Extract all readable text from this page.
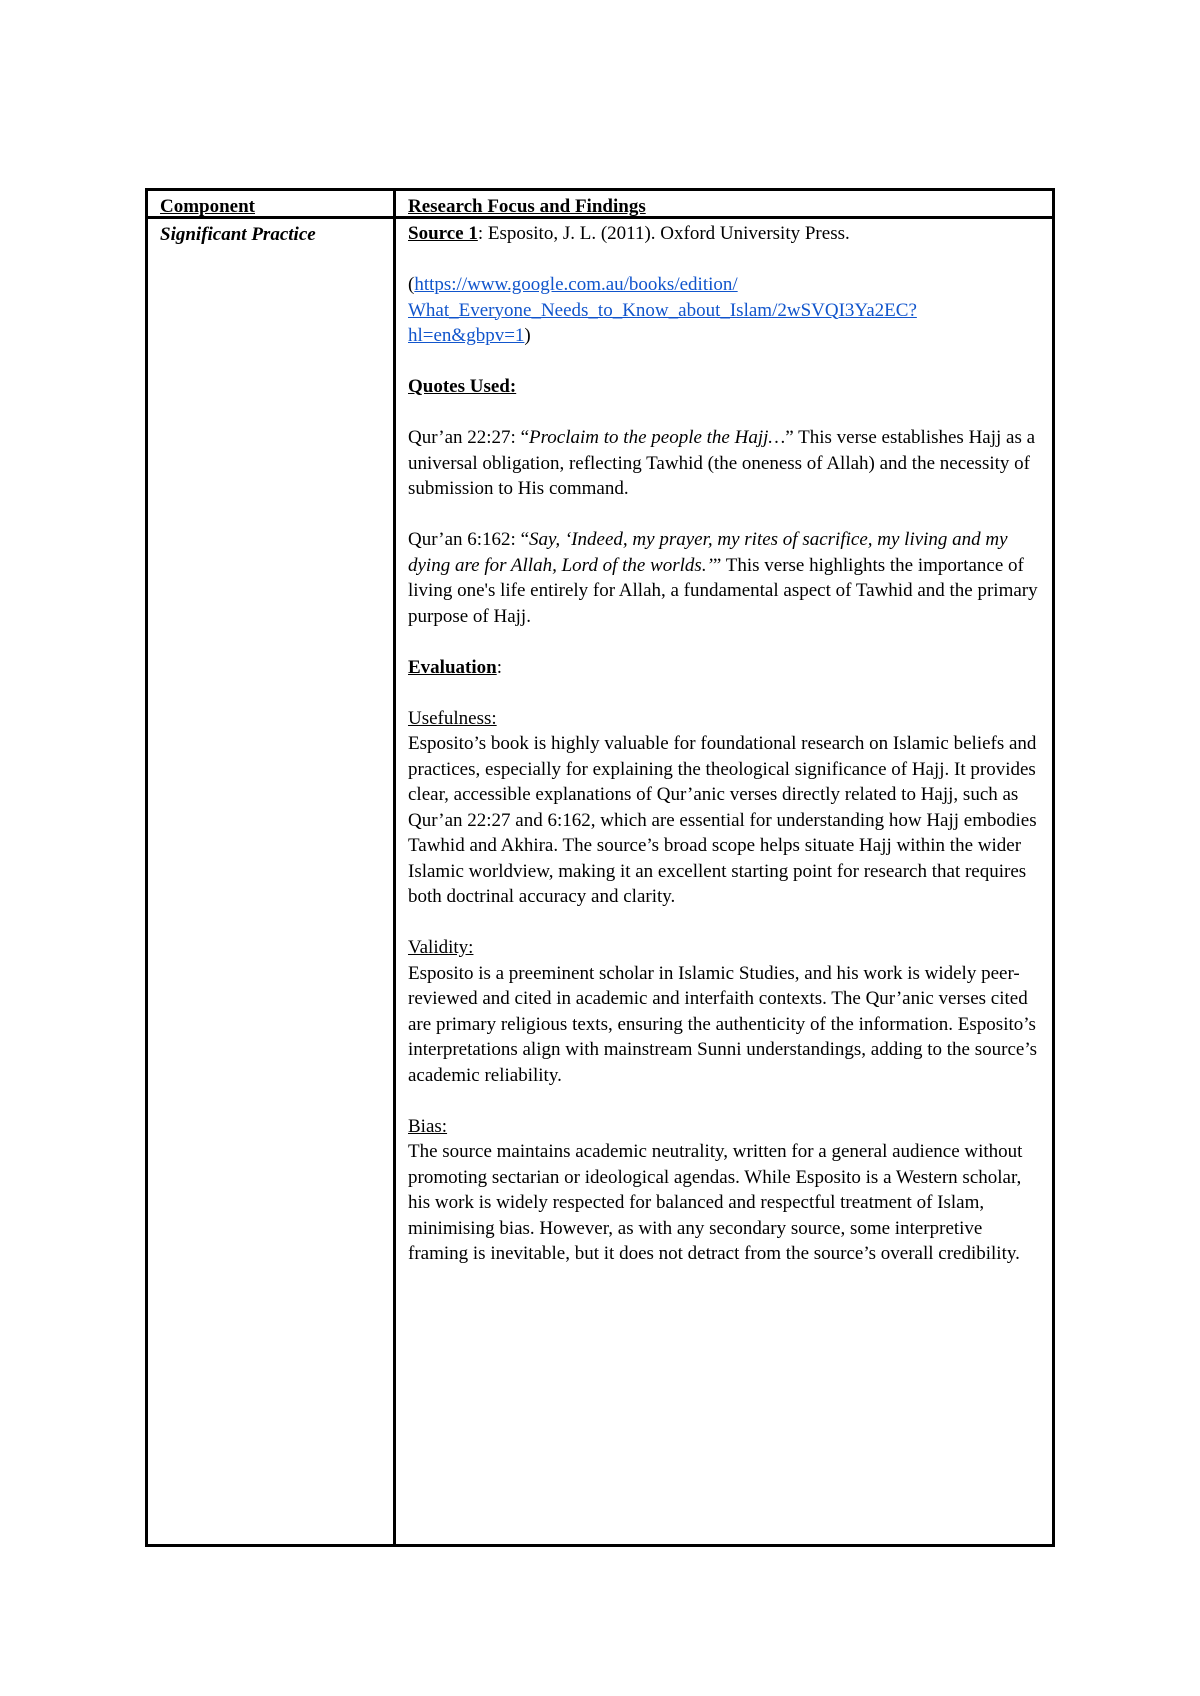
Component	Research Focus and Findings
Significant Practice	Source 1: Esposito, J. L. (2011). Oxford University Press.

(https://www.google.com.au/books/edition/
What_Everyone_Needs_to_Know_about_Islam/2wSVQI3Ya2EC?
hl=en&gbpv=1)

Quotes Used:

Qur’an 22:27: “Proclaim to the people the Hajj…” This verse establishes Hajj as a universal obligation, reflecting Tawhid (the oneness of Allah) and the necessity of submission to His command.

Qur’an 6:162: “Say, ‘Indeed, my prayer, my rites of sacrifice, my living and my dying are for Allah, Lord of the worlds.’” This verse highlights the importance of living one's life entirely for Allah, a fundamental aspect of Tawhid and the primary purpose of Hajj.

Evaluation:

Usefulness:

Esposito’s book is highly valuable for foundational research on Islamic beliefs and practices, especially for explaining the theological significance of Hajj. It provides clear, accessible explanations of Qur’anic verses directly related to Hajj, such as Qur’an 22:27 and 6:162, which are essential for understanding how Hajj embodies Tawhid and Akhira. The source’s broad scope helps situate Hajj within the wider Islamic worldview, making it an excellent starting point for research that requires both doctrinal accuracy and clarity.

Validity:

Esposito is a preeminent scholar in Islamic Studies, and his work is widely peer-reviewed and cited in academic and interfaith contexts. The Qur’anic verses cited are primary religious texts, ensuring the authenticity of the information. Esposito’s interpretations align with mainstream Sunni understandings, adding to the source’s academic reliability.

Bias:

The source maintains academic neutrality, written for a general audience without promoting sectarian or ideological agendas. While Esposito is a Western scholar, his work is widely respected for balanced and respectful treatment of Islam, minimising bias. However, as with any secondary source, some interpretive framing is inevitable, but it does not detract from the source’s overall credibility.
